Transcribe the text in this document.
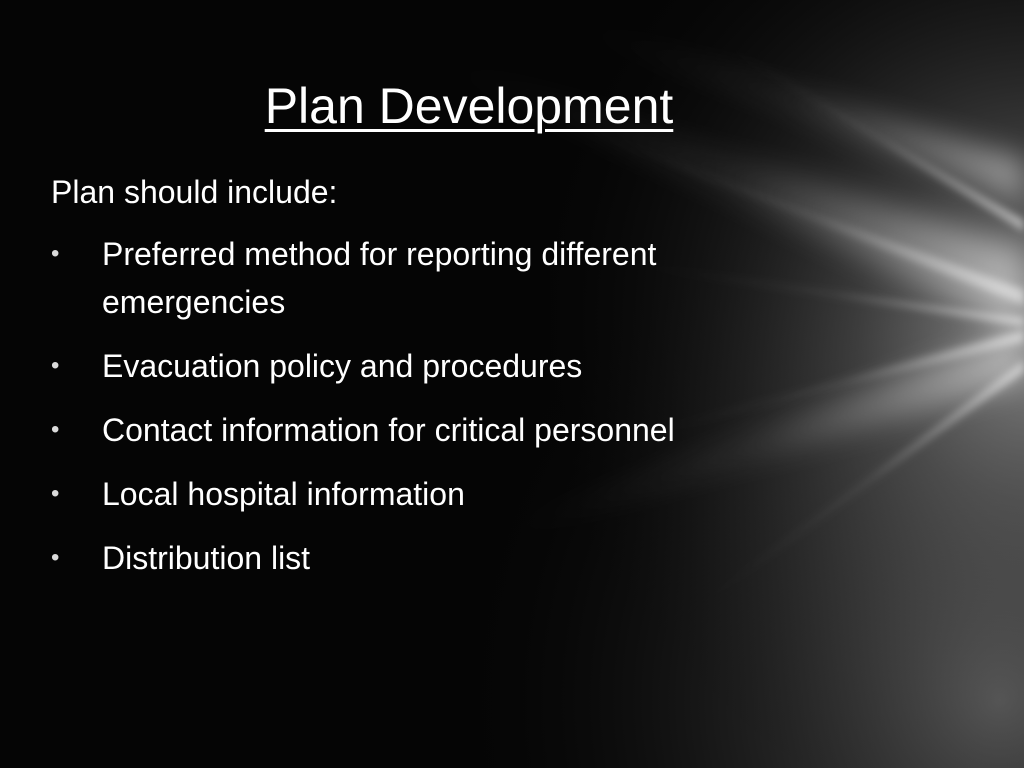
Plan Development

Plan should include:

• Preferred method for reporting different emergencies
• Evacuation policy and procedures
• Contact information for critical personnel
• Local hospital information
• Distribution list
